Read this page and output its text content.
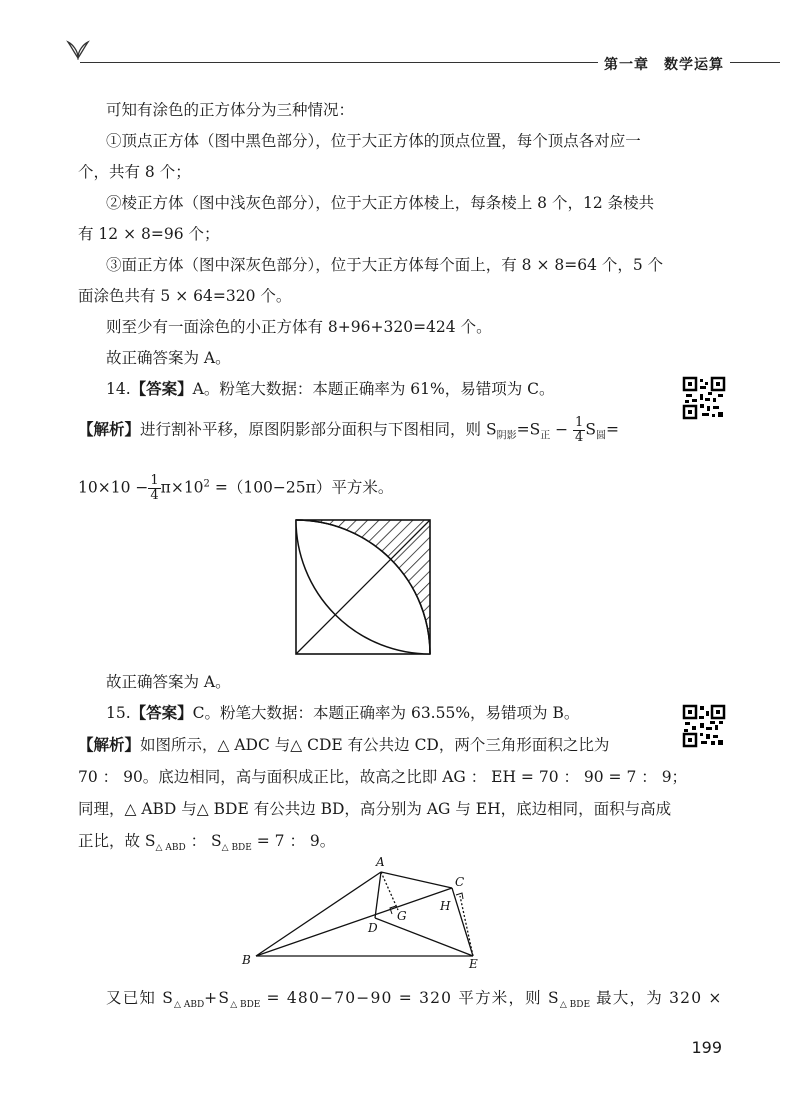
第一章　数学运算
可知有涂色的正方体分为三种情况：
①顶点正方体（图中黑色部分），位于大正方体的顶点位置，每个顶点各对应一
个，共有 8 个；
②棱正方体（图中浅灰色部分），位于大正方体棱上，每条棱上 8 个，12 条棱共
有 12 × 8=96 个；
③面正方体（图中深灰色部分），位于大正方体每个面上，有 8 × 8=64 个，5 个
面涂色共有 5 × 64=320 个。
则至少有一面涂色的小正方体有 8+96+320=424 个。
故正确答案为 A。
14.【答案】A。粉笔大数据：本题正确率为 61%，易错项为 C。
【解析】进行割补平移，原图阴影部分面积与下图相同，则 $S_{阴影}=S_正 - \frac{1}{4} S_圆=$
$10\times 10 - \frac{1}{4} \pi\times 10^2 =(100-25\pi)$平方米。
故正确答案为 A。
15.【答案】C。粉笔大数据：本题正确率为 63.55%，易错项为 B。
【解析】如图所示，△ ADC 与△ CDE 有公共边 CD，两个三角形面积之比为
70 ： 90。底边相同，高与面积成正比，故高之比即 AG ： EH = 70 ： 90 = 7 ： 9；
同理，△ ABD 与△ BDE 有公共边 BD，高分别为 AG 与 EH，底边相同，面积与高成
正比，故 $S_{\triangle ABD}$ ： $S_{\triangle BDE} = 7$ ： 9。
A
B
C
D
E
G
H
又已知 $S_{\triangle ABD}+S_{\triangle BDE} = 480-70-90 = 320$ 平方米，则 $S_{\triangle BDE}$ 最大，为 320 ×
199
